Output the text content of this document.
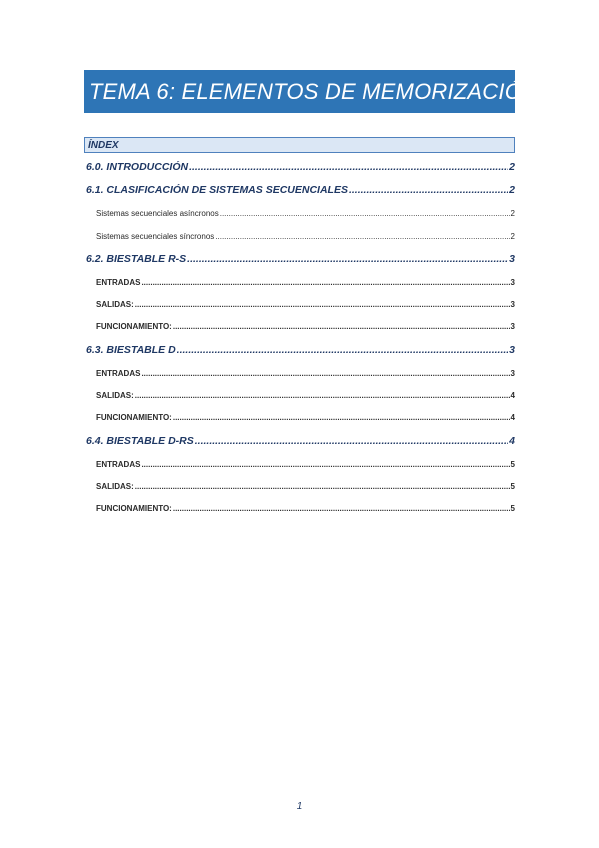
TEMA 6: ELEMENTOS DE MEMORIZACIÓN
ÍNDEX
6.0. INTRODUCCIÓN .....	2
6.1. CLASIFICACIÓN DE SISTEMAS SECUENCIALES .....	2
Sistemas secuenciales asíncronos .....	2
Sistemas secuenciales síncronos .....	2
6.2. BIESTABLE R-S .....	3
ENTRADAS .....	3
SALIDAS: .....	3
FUNCIONAMIENTO: .....	3
6.3. BIESTABLE D .....	3
ENTRADAS .....	3
SALIDAS: .....	4
FUNCIONAMIENTO: .....	4
6.4. BIESTABLE D-RS .....	4
ENTRADAS .....	5
SALIDAS: .....	5
FUNCIONAMIENTO: .....	5
1
